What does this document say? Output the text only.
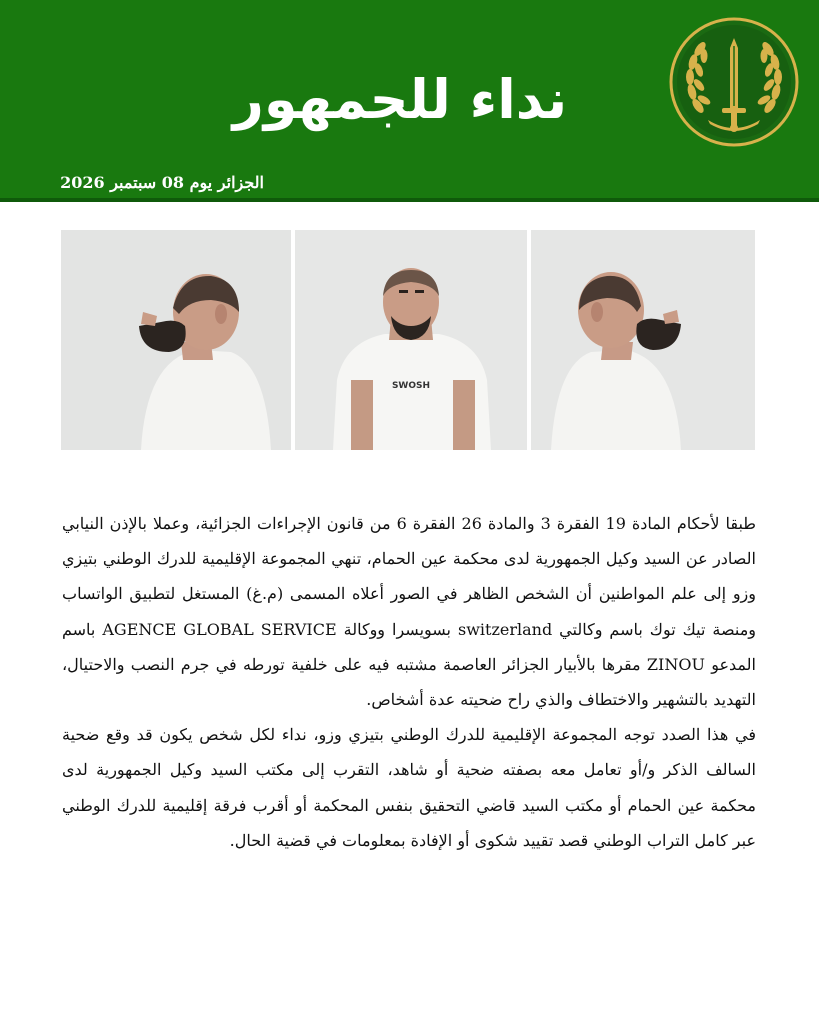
نداء للجمهور
الجزائر يوم 08 سبتمبر 2026
SWOSH

طبقا لأحكام المادة 19 الفقرة 3 والمادة 26 الفقرة 6 من قانون الإجراءات الجزائية، وعملا بالإذن النيابي الصادر عن السيد وكيل الجمهورية لدى محكمة عين الحمام، تنهي المجموعة الإقليمية للدرك الوطني بتيزي وزو إلى علم المواطنين أن الشخص الظاهر في الصور أعلاه المسمى (م.غ) المستغل لتطبيق الواتساب ومنصة تيك توك باسم وكالتي switzerland بسويسرا ووكالة AGENCE GLOBAL SERVICE باسم المدعو ZINOU مقرها بالأبيار الجزائر العاصمة مشتبه فيه على خلفية تورطه في جرم النصب والاحتيال، التهديد بالتشهير والاختطاف والذي راح ضحيته عدة أشخاص.

في هذا الصدد توجه المجموعة الإقليمية للدرك الوطني بتيزي وزو، نداء لكل شخص يكون قد وقع ضحية السالف الذكر و/أو تعامل معه بصفته ضحية أو شاهد، التقرب إلى مكتب السيد وكيل الجمهورية لدى محكمة عين الحمام أو مكتب السيد قاضي التحقيق بنفس المحكمة أو أقرب فرقة إقليمية للدرك الوطني عبر كامل التراب الوطني قصد تقييد شكوى أو الإفادة بمعلومات في قضية الحال.
